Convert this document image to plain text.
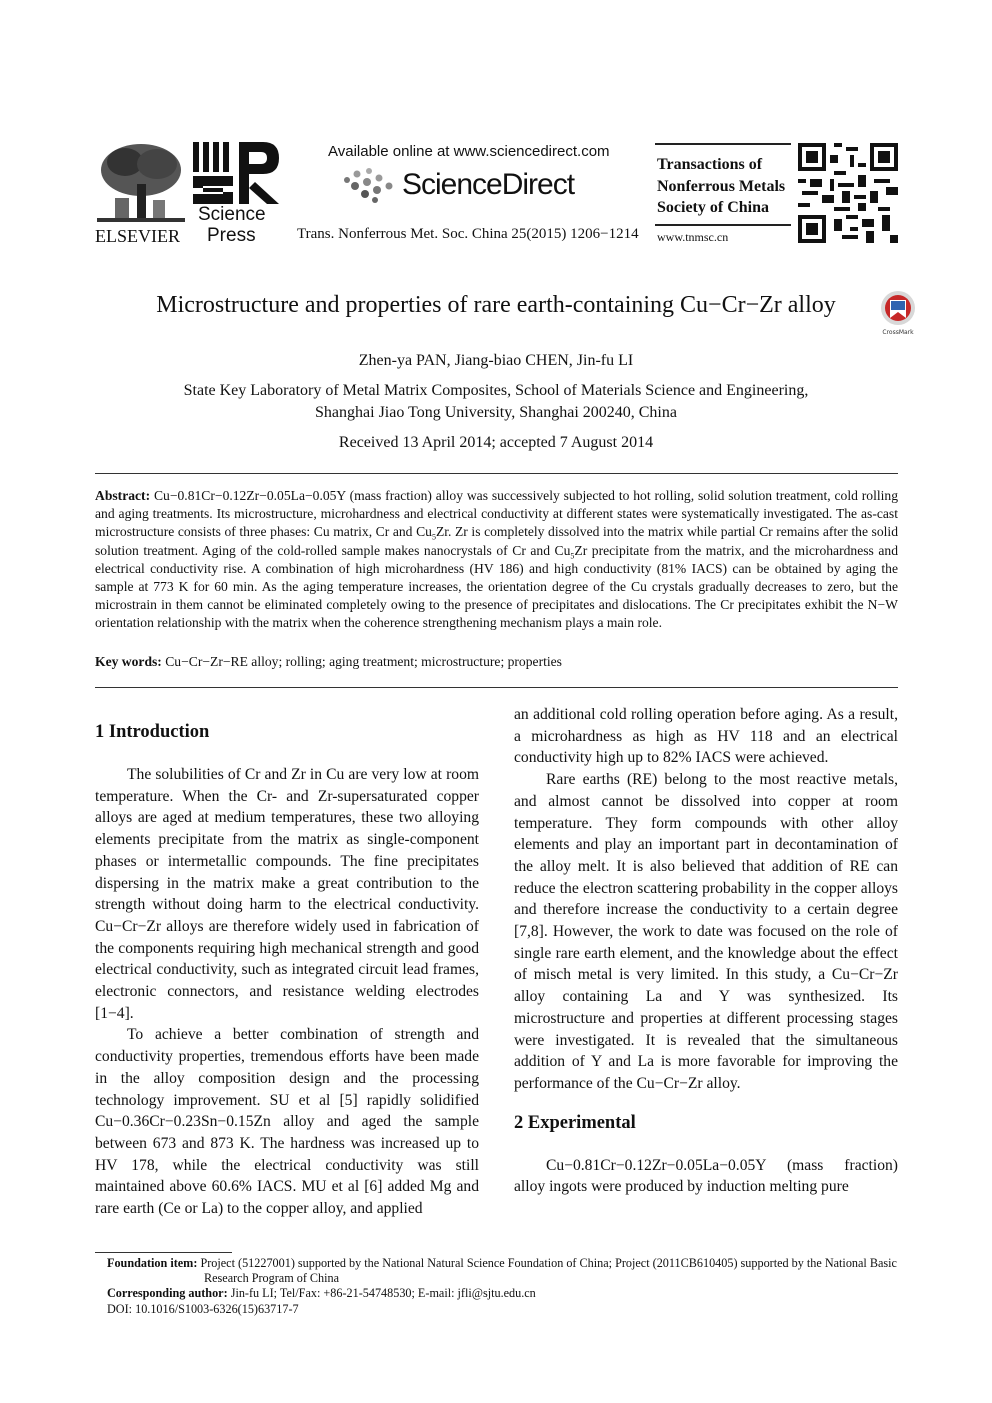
ELSEVIER
Science
Press
Available online at www.sciencedirect.com
ScienceDirect
Trans. Nonferrous Met. Soc. China 25(2015) 1206−1214
Transactions of
Nonferrous Metals
Society of China
www.tnmsc.cn
Microstructure and properties of rare earth-containing Cu−Cr−Zr alloy
CrossMark
Zhen-ya PAN, Jiang-biao CHEN, Jin-fu LI
State Key Laboratory of Metal Matrix Composites, School of Materials Science and Engineering,
Shanghai Jiao Tong University, Shanghai 200240, China
Received 13 April 2014; accepted 7 August 2014
Abstract: Cu−0.81Cr−0.12Zr−0.05La−0.05Y (mass fraction) alloy was successively subjected to hot rolling, solid solution treatment, cold rolling and aging treatments. Its microstructure, microhardness and electrical conductivity at different states were systematically investigated. The as-cast microstructure consists of three phases: Cu matrix, Cr and $Cu_5Zr$. Zr is completely dissolved into the matrix while partial Cr remains after the solid solution treatment. Aging of the cold-rolled sample makes nanocrystals of Cr and $Cu_5Zr$ precipitate from the matrix, and the microhardness and electrical conductivity rise. A combination of high microhardness (HV 186) and high conductivity (81% IACS) can be obtained by aging the sample at 773 K for 60 min. As the aging temperature increases, the orientation degree of the Cu crystals gradually decreases to zero, but the microstrain in them cannot be eliminated completely owing to the presence of precipitates and dislocations. The Cr precipitates exhibit the N−W orientation relationship with the matrix when the coherence strengthening mechanism plays a main role.
Key words: Cu−Cr−Zr−RE alloy; rolling; aging treatment; microstructure; properties
1 Introduction

The solubilities of Cr and Zr in Cu are very low at room temperature. When the Cr- and Zr-supersaturated copper alloys are aged at medium temperatures, these two alloying elements precipitate from the matrix as single-component phases or intermetallic compounds. The fine precipitates dispersing in the matrix make a great contribution to the strength without doing harm to the electrical conductivity. Cu−Cr−Zr alloys are therefore widely used in fabrication of the components requiring high mechanical strength and good electrical conductivity, such as integrated circuit lead frames, electronic connectors, and resistance welding electrodes [1−4].

To achieve a better combination of strength and conductivity properties, tremendous efforts have been made in the alloy composition design and the processing technology improvement. SU et al [5] rapidly solidified Cu−0.36Cr−0.23Sn−0.15Zn alloy and aged the sample between 673 and 873 K. The hardness was increased up to HV 178, while the electrical conductivity was still maintained above 60.6% IACS. MU et al [6] added Mg and rare earth (Ce or La) to the copper alloy, and applied

an additional cold rolling operation before aging. As a result, a microhardness as high as HV 118 and an electrical conductivity high up to 82% IACS were achieved.

Rare earths (RE) belong to the most reactive metals, and almost cannot be dissolved into copper at room temperature. They form compounds with other alloy elements and play an important part in decontamination of the alloy melt. It is also believed that addition of RE can reduce the electron scattering probability in the copper alloys and therefore increase the conductivity to a certain degree [7,8]. However, the work to date was focused on the role of single rare earth element, and the knowledge about the effect of misch metal is very limited. In this study, a Cu−Cr−Zr alloy containing La and Y was synthesized. Its microstructure and properties at different processing stages were investigated. It is revealed that the simultaneous addition of Y and La is more favorable for improving the performance of the Cu−Cr−Zr alloy.

2 Experimental

Cu−0.81Cr−0.12Zr−0.05La−0.05Y (mass fraction) alloy ingots were produced by induction melting pure

Foundation item: Project (51227001) supported by the National Natural Science Foundation of China; Project (2011CB610405) supported by the National Basic Research Program of China
Corresponding author: Jin-fu LI; Tel/Fax: +86-21-54748530; E-mail: jfli@sjtu.edu.cn
DOI: 10.1016/S1003-6326(15)63717-7
